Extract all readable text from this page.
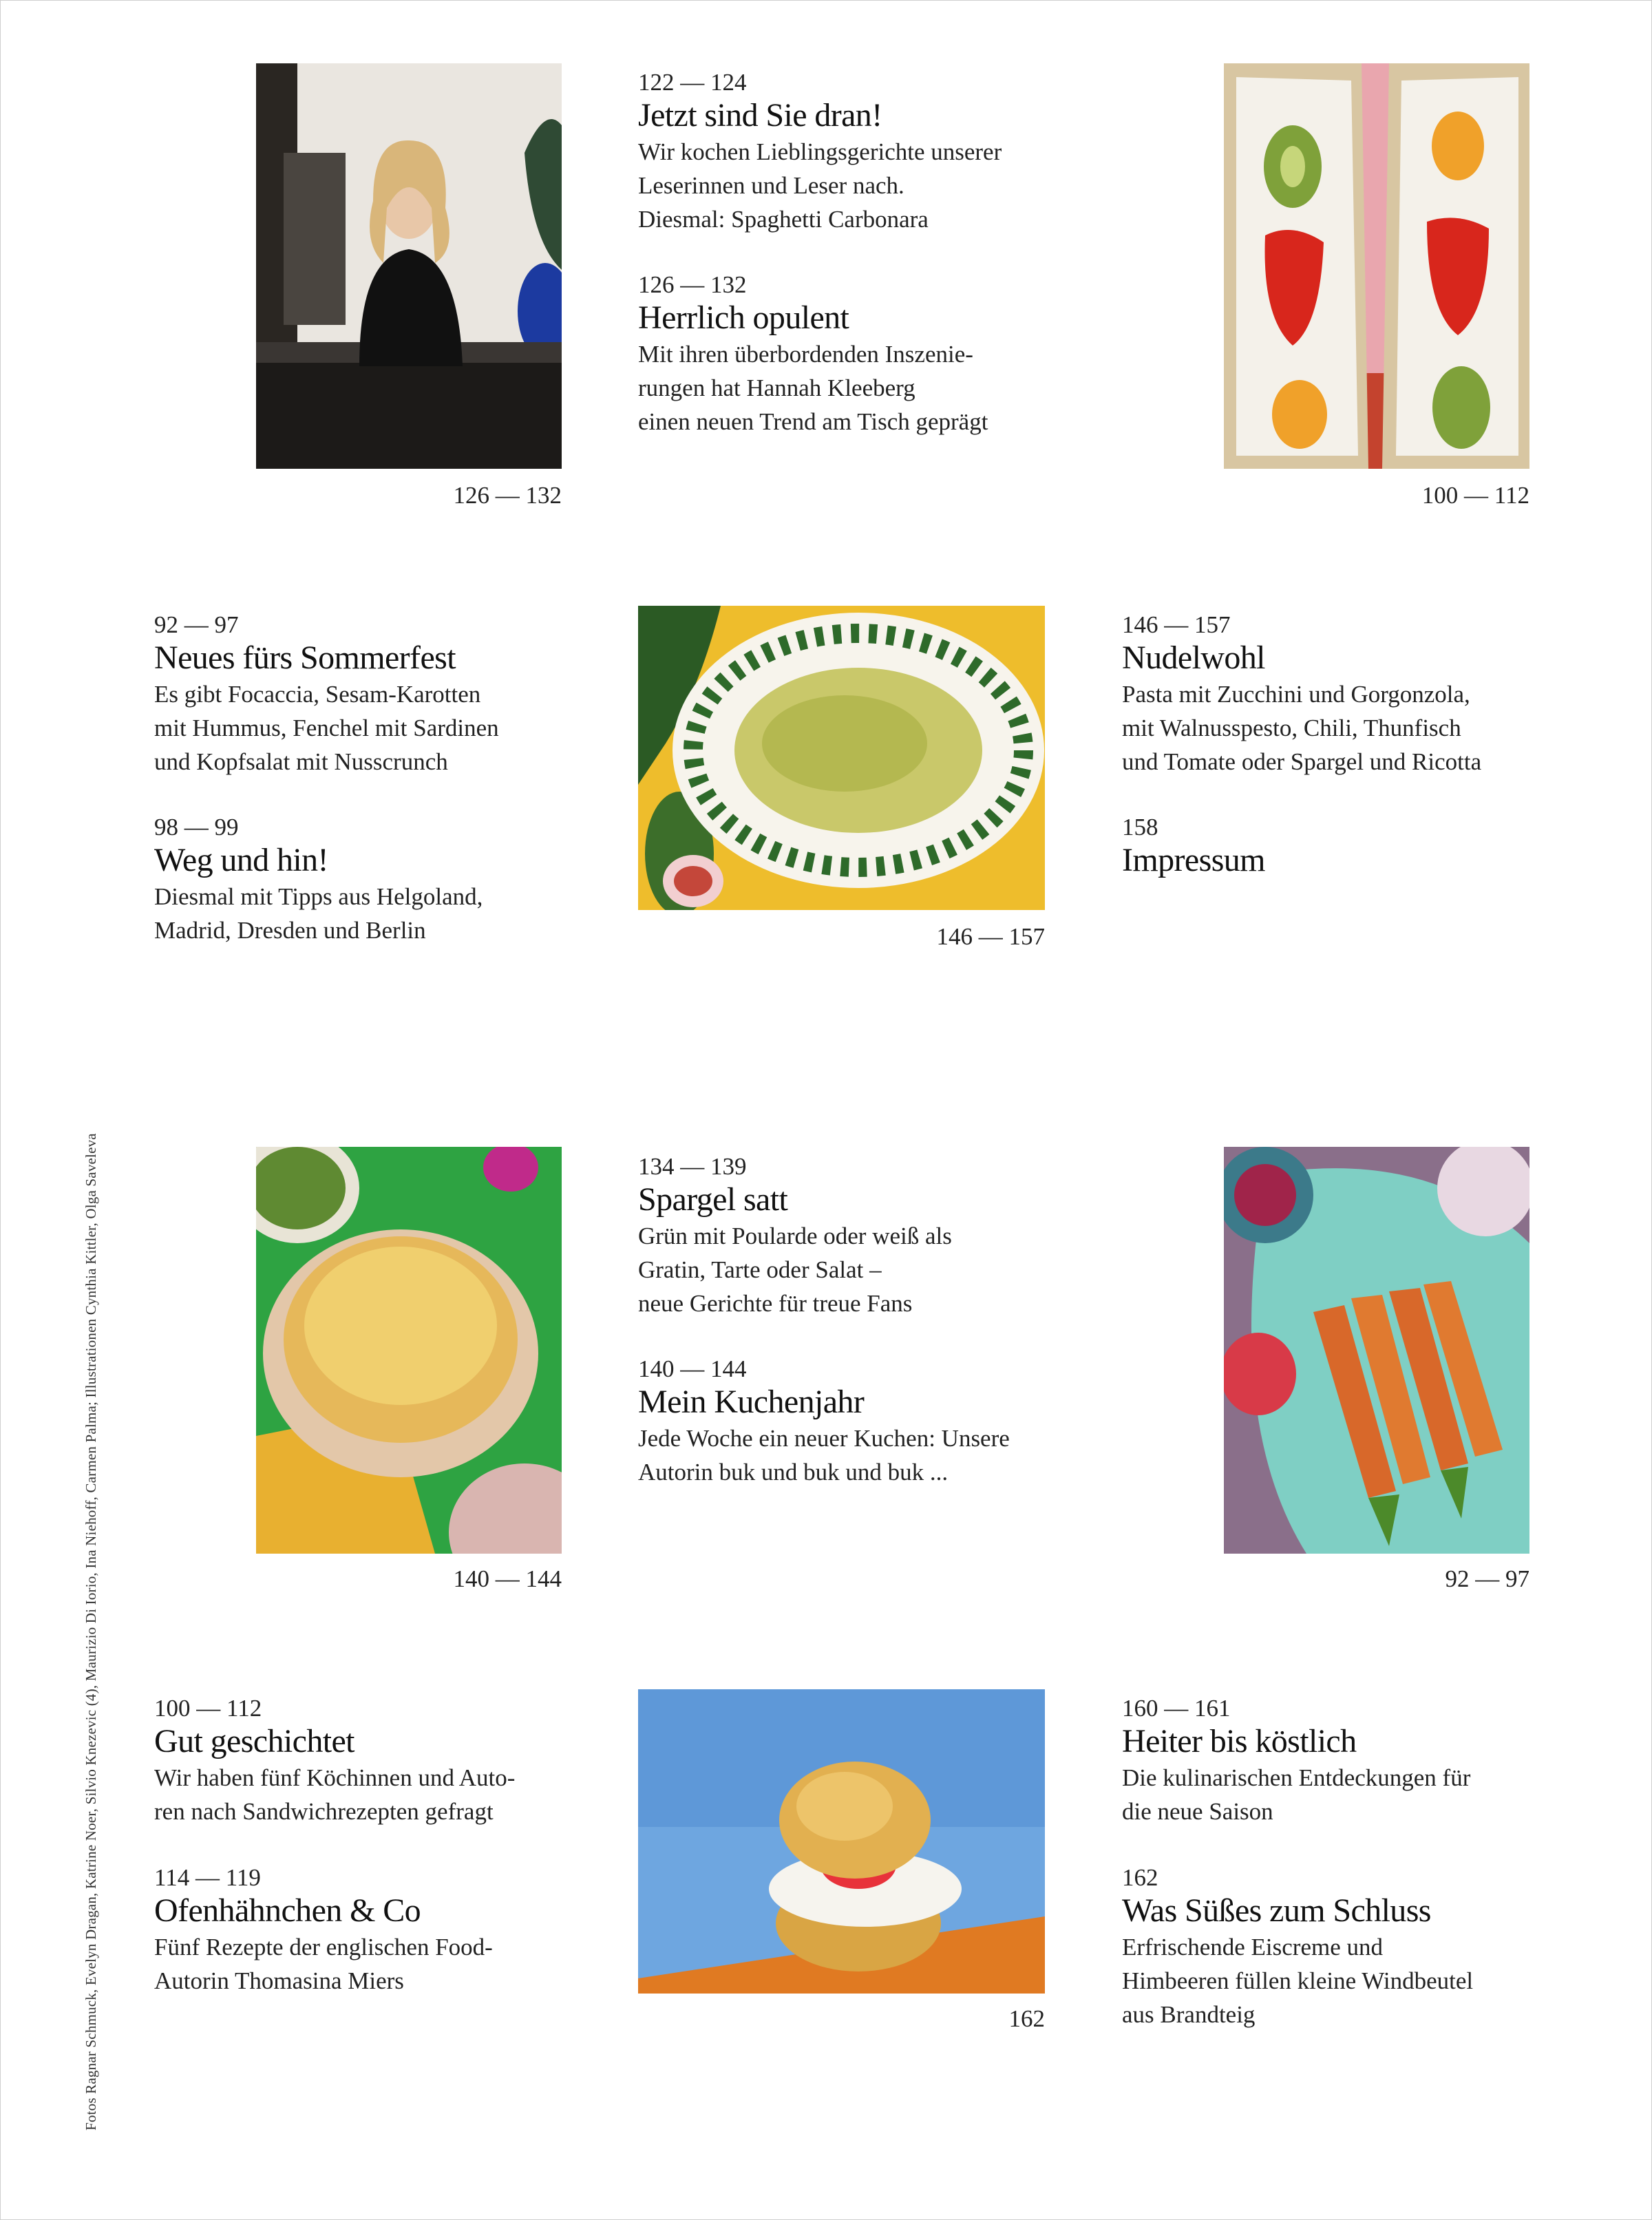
Fotos Ragnar Schmuck, Evelyn Dragan, Katrine Noer, Silvio Knezevic (4), Maurizio Di Iorio, Ina Niehoff, Carmen Palma; Illustrationen Cynthia Kittler, Olga Saveleva
126 — 132
122 — 124
Jetzt sind Sie dran!
Wir kochen Lieblingsgerichte unserer
Leserinnen und Leser nach.
Diesmal: Spaghetti Carbonara
126 — 132
Herrlich opulent
Mit ihren überbordenden Inszenie-
rungen hat Hannah Kleeberg
einen neuen Trend am Tisch geprägt
100 — 112
92 — 97
Neues fürs Sommerfest
Es gibt Focaccia, Sesam-Karotten
mit Hummus, Fenchel mit Sardinen
und Kopfsalat mit Nusscrunch
98 — 99
Weg und hin!
Diesmal mit Tipps aus Helgoland,
Madrid, Dresden und Berlin	146 — 157
146 — 157
Nudelwohl
Pasta mit Zucchini und Gorgonzola,
mit Walnusspesto, Chili, Thunfisch
und Tomate oder Spargel und Ricotta
158
Impressum
140 — 144
134 — 139
Spargel satt
Grün mit Poularde oder weiß als
Gratin, Tarte oder Salat –
neue Gerichte für treue Fans
140 — 144
Mein Kuchenjahr
Jede Woche ein neuer Kuchen: Unsere
Autorin buk und buk und buk ...
92 — 97
100 — 112
Gut geschichtet
Wir haben fünf Köchinnen und Auto-
ren nach Sandwichrezepten gefragt
114 — 119
Ofenhähnchen & Co
Fünf Rezepte der englischen Food-
Autorin Thomasina Miers
162
160 — 161
Heiter bis köstlich
Die kulinarischen Entdeckungen für
die neue Saison
162
Was Süßes zum Schluss
Erfrischende Eiscreme und
Himbeeren füllen kleine Windbeutel
aus Brandteig
